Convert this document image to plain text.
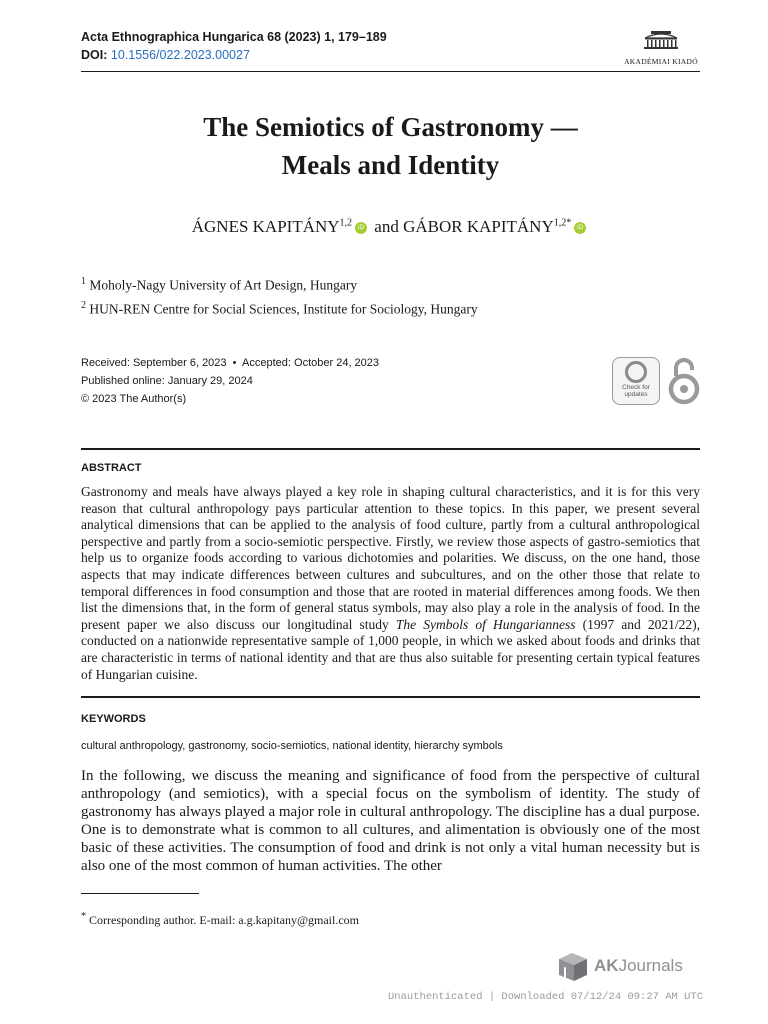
Acta Ethnographica Hungarica 68 (2023) 1, 179–189
DOI: 10.1556/022.2023.00027	AKADÉMIAI KIADÓ
The Semiotics of Gastronomy —
Meals and Identity
ÁGNES KAPITÁNY$^{1,2}$ iD and GÁBOR $KAPITÁNY^{1,2*}$ iD
$^1$ Moholy-Nagy University of Art Design, Hungary
$^2$ HUN-REN Centre for Social Sciences, Institute for Sociology, Hungary
Received: September 6, 2023 • Accepted: October 24, 2023
Published online: January 29, 2024
© 2023 The Author(s)
Check for updates
ABSTRACT
Gastronomy and meals have always played a key role in shaping cultural characteristics, and it is for this very reason that cultural anthropology pays particular attention to these topics. In this paper, we present several analytical dimensions that can be applied to the analysis of food culture, partly from a cultural anthropological perspective and partly from a socio-semiotic perspective. Firstly, we review those aspects of gastro-semiotics that help us to organize foods according to various dichotomies and polarities. We discuss, on the one hand, those aspects that may indicate differences between cultures and subcultures, and on the other those that relate to temporal differences in food consumption and those that are rooted in material differences among foods. We then list the dimensions that, in the form of general status symbols, may also play a role in the analysis of food. In the present paper we also discuss our longitudinal study The Symbols of Hungarianness (1997 and 2021/22), conducted on a nationwide representative sample of 1,000 people, in which we asked about foods and drinks that are characteristic in terms of national identity and that are thus also suitable for presenting certain typical features of Hungarian cuisine.
KEYWORDS
cultural anthropology, gastronomy, socio-semiotics, national identity, hierarchy symbols
In the following, we discuss the meaning and significance of food from the perspective of cultural anthropology (and semiotics), with a special focus on the symbolism of identity. The study of gastronomy has always played a major role in cultural anthropology. The discipline has a dual purpose. One is to demonstrate what is common to all cultures, and alimentation is obviously one of the most basic of these activities. The consumption of food and drink is not only a vital human necessity but is also one of the most common of human activities. The other
* Corresponding author. E-mail: a.g.kapitany@gmail.com
AKJournals
Unauthenticated | Downloaded 07/12/24 09:27 AM UTC
